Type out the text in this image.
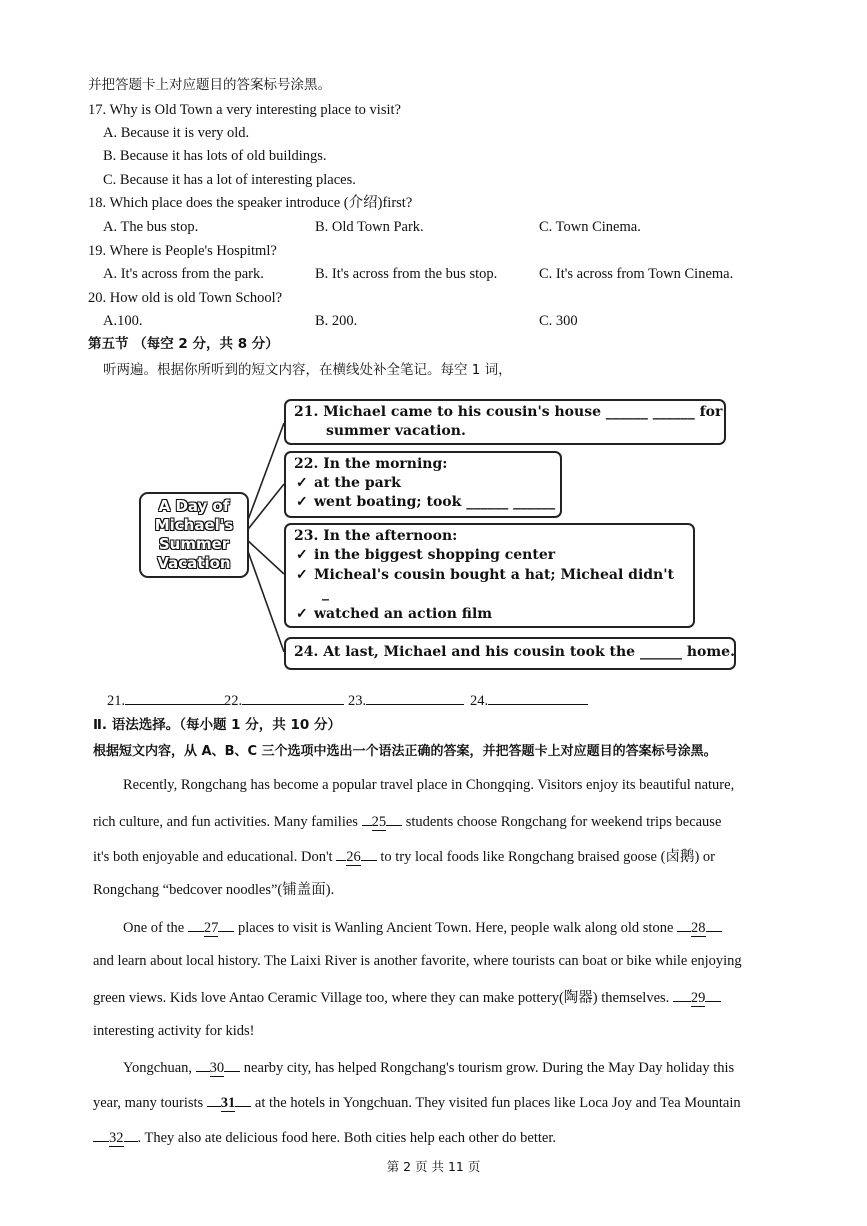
并把答题卡上对应题目的答案标号涂黑。
17. Why is Old Town a very interesting place to visit?
A. Because it is very old.
B. Because it has lots of old buildings.
C. Because it has a lot of interesting places.
18. Which place does the speaker introduce (介绍)first?
A. The bus stop.	B. Old Town Park.	C. Town Cinema.
19. Where is People's Hospitml?
A. It's across from the park.	B. It's across from the bus stop.	C. It's across from Town Cinema.
20. How old is old Town School?
A.100.	B. 200.	C. 300
第五节 （每空 2 分，共 8 分）
听两遍。根据你所听到的短文内容，在横线处补全笔记。每空 1 词，
A Day of
Michael's
Summer
Vacation
21. Michael came to his cousin's house ______ ______ for
summer vacation.
22. In the morning:
✓ at the park
✓ went boating; took ______ ______
23. In the afternoon:
✓ in the biggest shopping center
✓ Micheal's cousin bought a hat; Micheal didn't
_
✓ watched an action film
24. At last, Michael and his cousin took the ______ home.
21.	22.	23.	24.
Ⅱ. 语法选择。（每小题 1 分，共 10 分）
根据短文内容，从 A、B、C 三个选项中选出一个语法正确的答案，并把答题卡上对应题目的答案标号涂黑。
Recently, Rongchang has become a popular travel place in Chongqing. Visitors enjoy its beautiful nature,
rich culture, and fun activities. Many families 25 students choose Rongchang for weekend trips because
it's both enjoyable and educational. Don't 26 to try local foods like Rongchang braised goose (卤鹅) or
Rongchang “bedcover noodles”(铺盖面).
One of the 27 places to visit is Wanling Ancient Town. Here, people walk along old stone 28
and learn about local history. The Laixi River is another favorite, where tourists can boat or bike while enjoying
green views. Kids love Antao Ceramic Village too, where they can make pottery(陶器) themselves. 29
interesting activity for kids!
Yongchuan, 30 nearby city, has helped Rongchang's tourism grow. During the May Day holiday this
year, many tourists 31 at the hotels in Yongchuan. They visited fun places like Loca Joy and Tea Mountain
32 . They also ate delicious food here. Both cities help each other do better.
第 2 页 共 11 页
